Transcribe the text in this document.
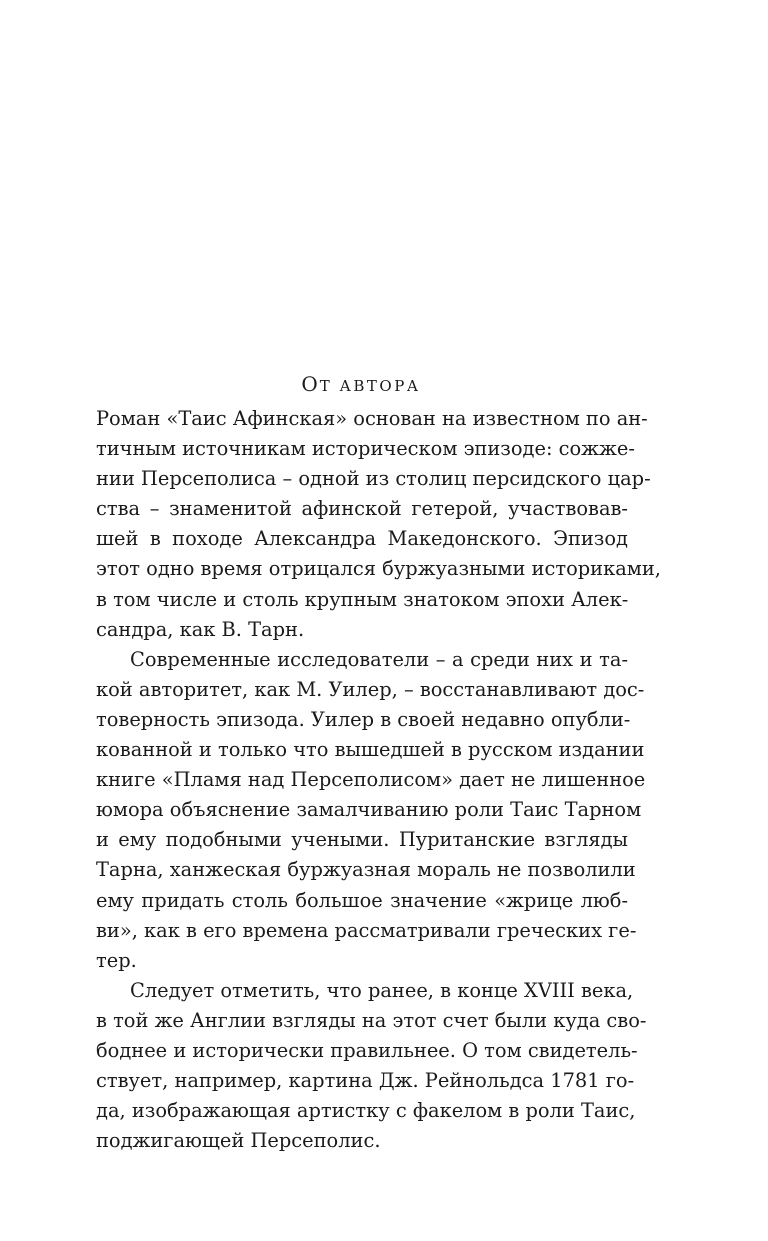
ОТ АВТОРА
Роман «Таис Афинская» основан на известном по ан-
тичным источникам историческом эпизоде: сожже-
нии Персеполиса – одной из столиц персидского цар-
ства – знаменитой афинской гетерой, участвовав-
шей в походе Александра Македонского. Эпизод
этот одно время отрицался буржуазными историками,
в том числе и столь крупным знатоком эпохи Алек-
сандра, как В. Тарн.
Современные исследователи – а среди них и та-
кой авторитет, как М. Уилер, – восстанавливают дос-
товерность эпизода. Уилер в своей недавно опубли-
кованной и только что вышедшей в русском издании
книге «Пламя над Персеполисом» дает не лишенное
юмора объяснение замалчиванию роли Таис Тарном
и ему подобными учеными. Пуританские взгляды
Тарна, ханжеская буржуазная мораль не позволили
ему придать столь большое значение «жрице люб-
ви», как в его времена рассматривали греческих ге-
тер.
Следует отметить, что ранее, в конце XVIII века,
в той же Англии взгляды на этот счет были куда сво-
боднее и исторически правильнее. О том свидетель-
ствует, например, картина Дж. Рейнольдса 1781 го-
да, изображающая артистку с факелом в роли Таис,
поджигающей Персеполис.
